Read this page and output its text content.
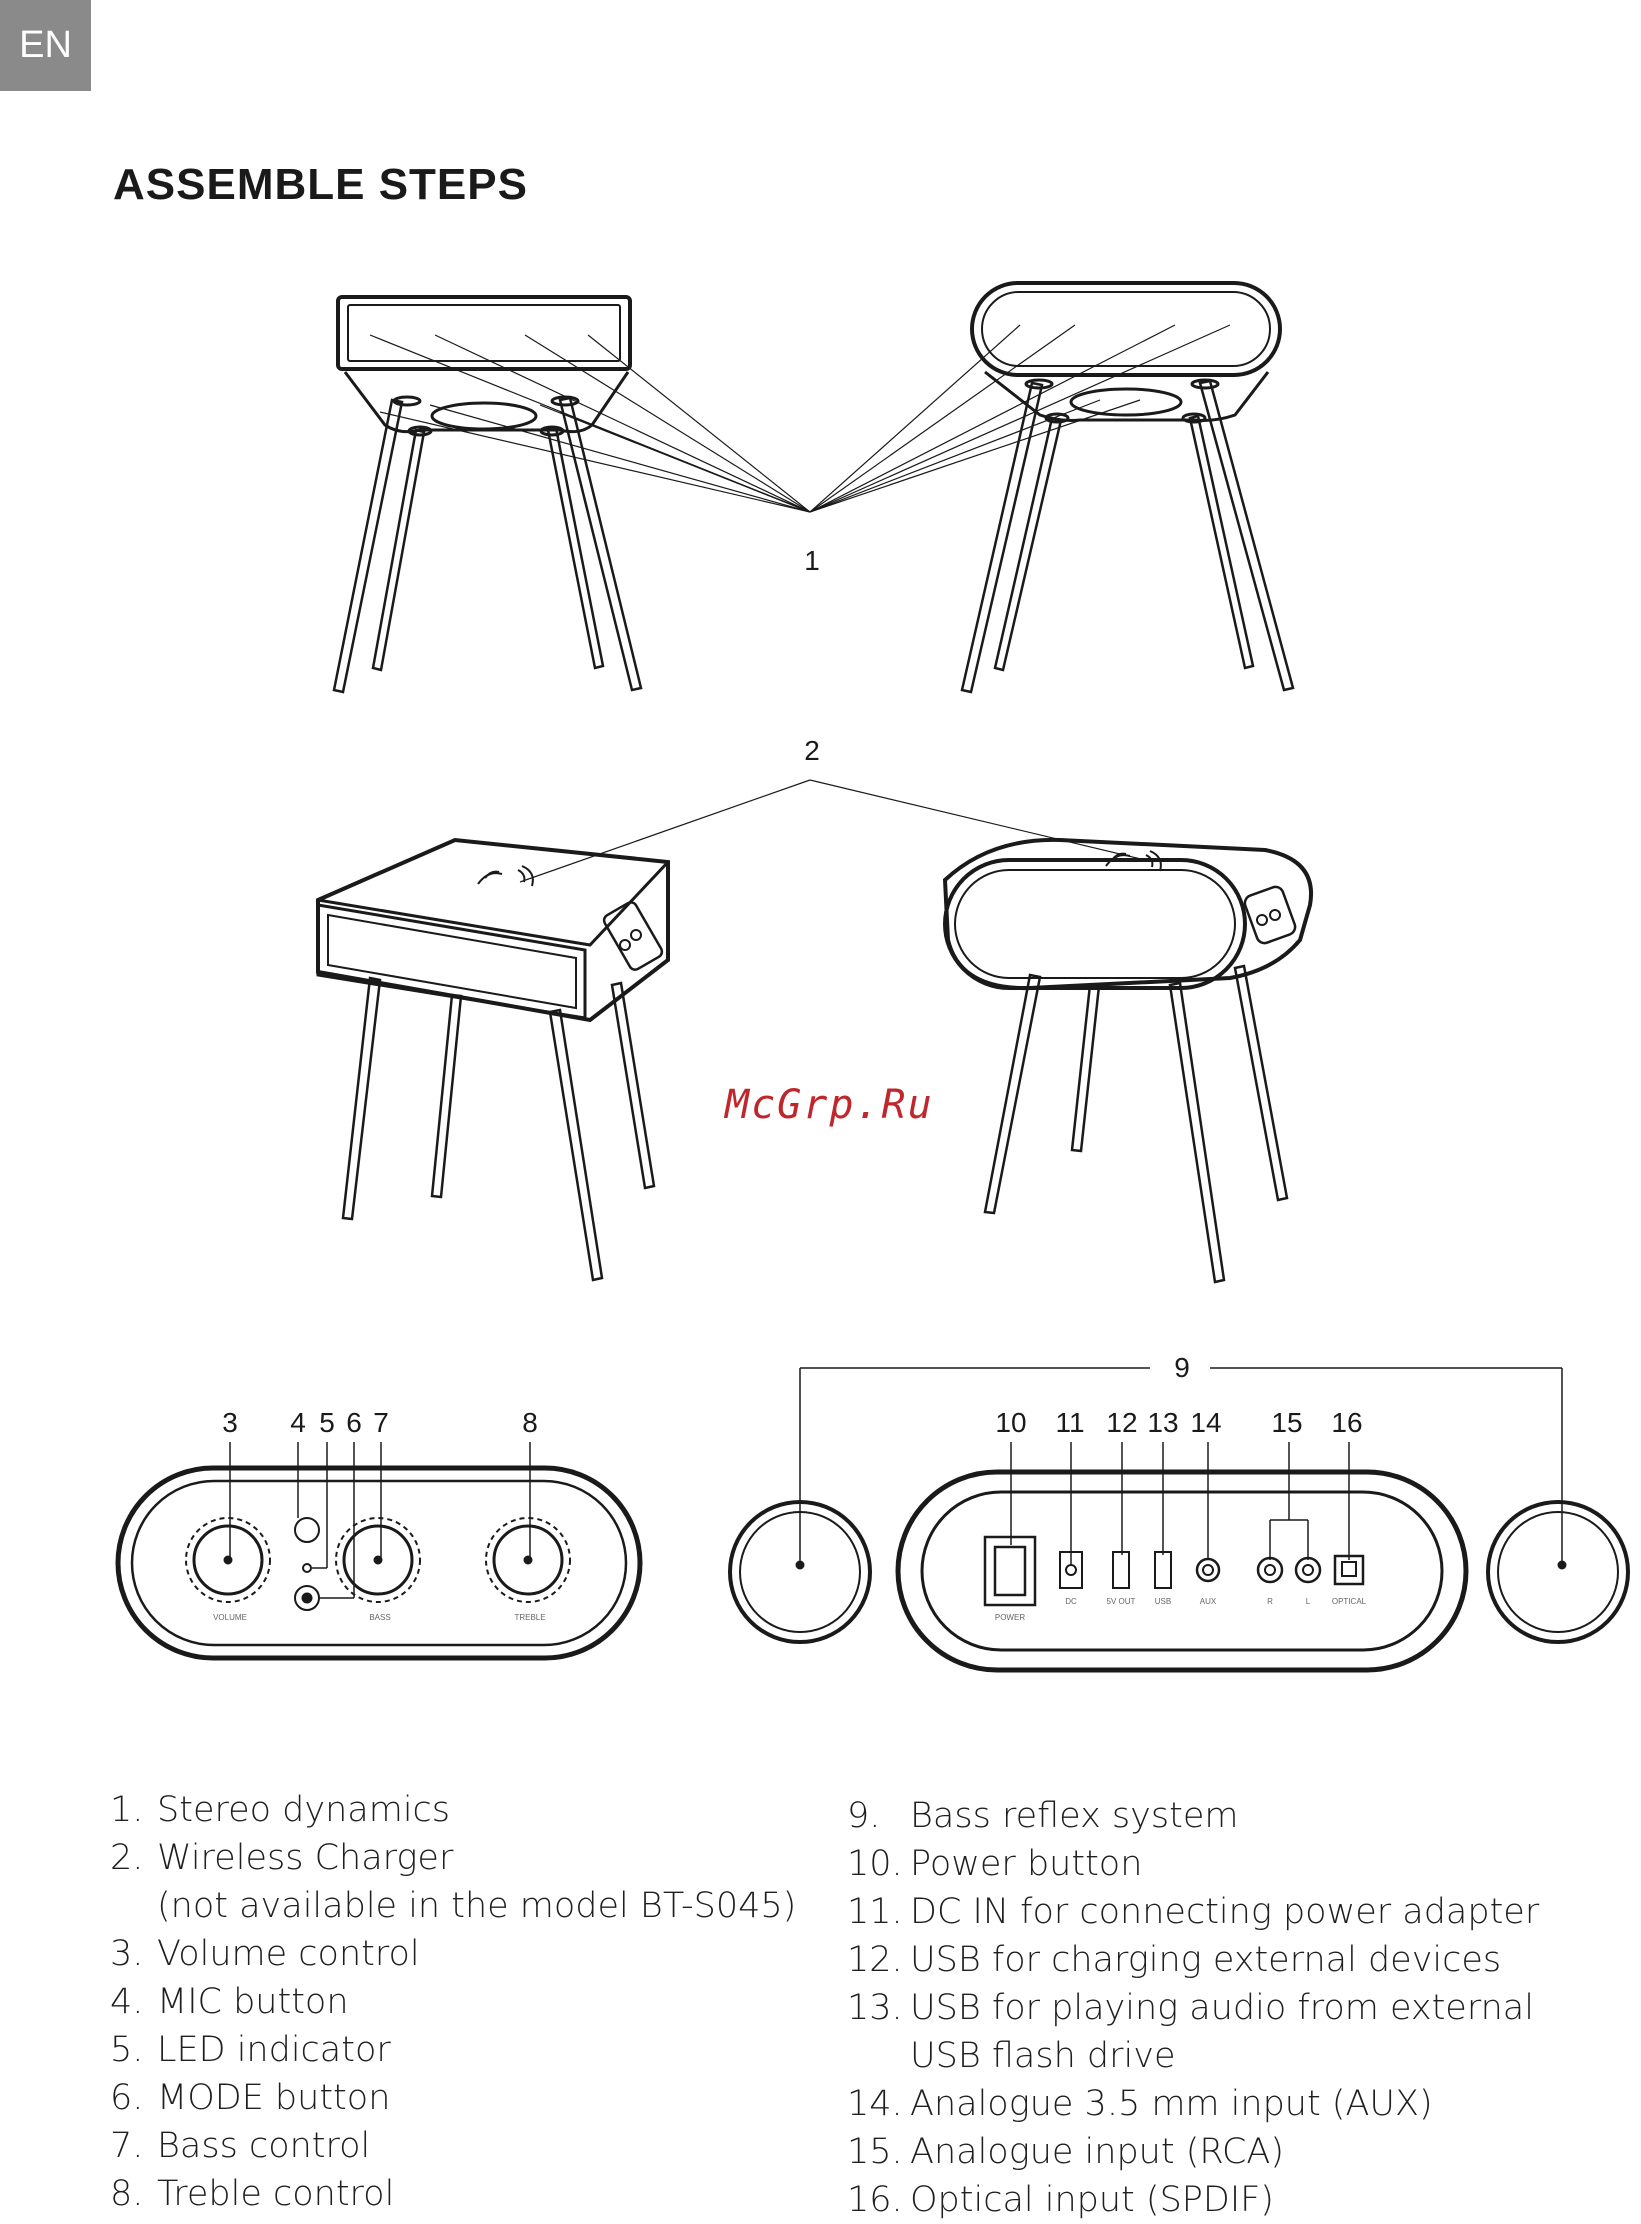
EN
ASSEMBLE STEPS
1
2
VOLUME	BASS	TREBLE	POWER
DC	5V OUT USB	AUX	R	L	OPTICAL
3 4 5 6 7	8
9
10 11 12 13 14 15 16
McGrp.Ru
1. Stereo dynamics
2. Wireless Charger
(not available in the model BT-S045)
3. Volume control
4. MIC button
5. LED indicator
6. MODE button
7. Bass control
8. Treble control
9. Bass reflex system
10. Power button
11. DC IN for connecting power adapter
12. USB for charging external devices
13. USB for playing audio from external
USB flash drive
14. Analogue 3.5 mm input (AUX)
15. Analogue input (RCA)
16. Optical input (SPDIF)
